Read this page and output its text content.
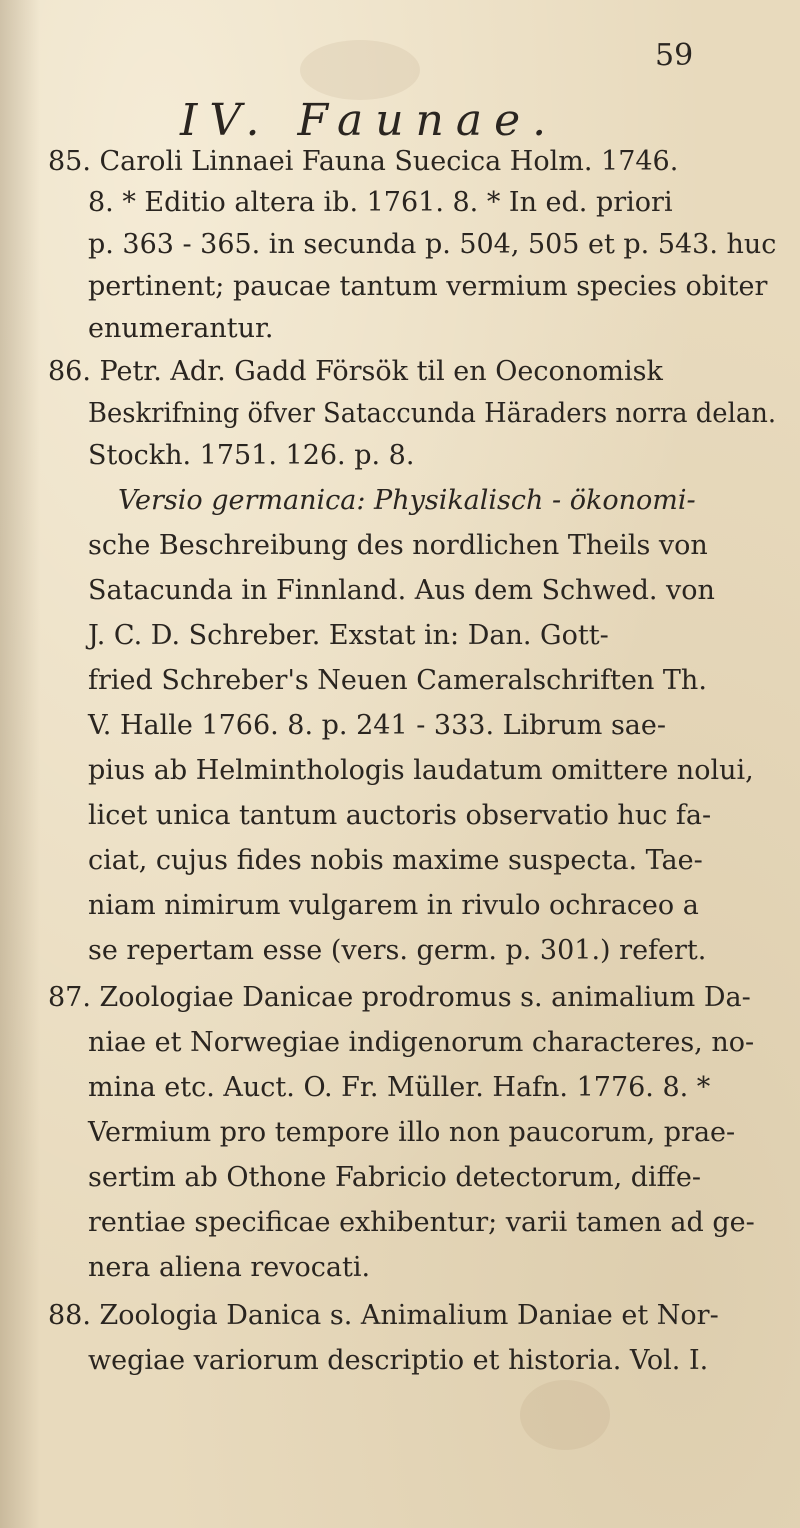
59
IV. Faunae.
85. Caroli Linnaei Fauna Suecica Holm. 1746.
8. * Editio altera ib. 1761. 8. * In ed. priori
p. 363 - 365. in secunda p. 504, 505 et p. 543. huc
pertinent; paucae tantum vermium species obiter
enumerantur.
86. Petr. Adr. Gadd Försök til en Oeconomisk
Beskrifning öfver Sataccunda Häraders norra delan.
Stockh. 1751. 126. p. 8.
Versio germanica: Physikalisch - ökonomi-
sche Beschreibung des nordlichen Theils von
Satacunda in Finnland. Aus dem Schwed. von
J. C. D. Schreber. Exstat in: Dan. Gott-
fried Schreber's Neuen Cameralschriften Th.
V. Halle 1766. 8. p. 241 - 333. Librum sae-
pius ab Helminthologis laudatum omittere nolui,
licet unica tantum auctoris observatio huc fa-
ciat, cujus fides nobis maxime suspecta. Tae-
niam nimirum vulgarem in rivulo ochraceo a
se repertam esse (vers. germ. p. 301.) refert.
87. Zoologiae Danicae prodromus s. animalium Da-
niae et Norwegiae indigenorum characteres, no-
mina etc. Auct. O. Fr. Müller. Hafn. 1776. 8. *
Vermium pro tempore illo non paucorum, prae-
sertim ab Othone Fabricio detectorum, diffe-
rentiae specificae exhibentur; varii tamen ad ge-
nera aliena revocati.
88. Zoologia Danica s. Animalium Daniae et Nor-
wegiae variorum descriptio et historia. Vol. I.
